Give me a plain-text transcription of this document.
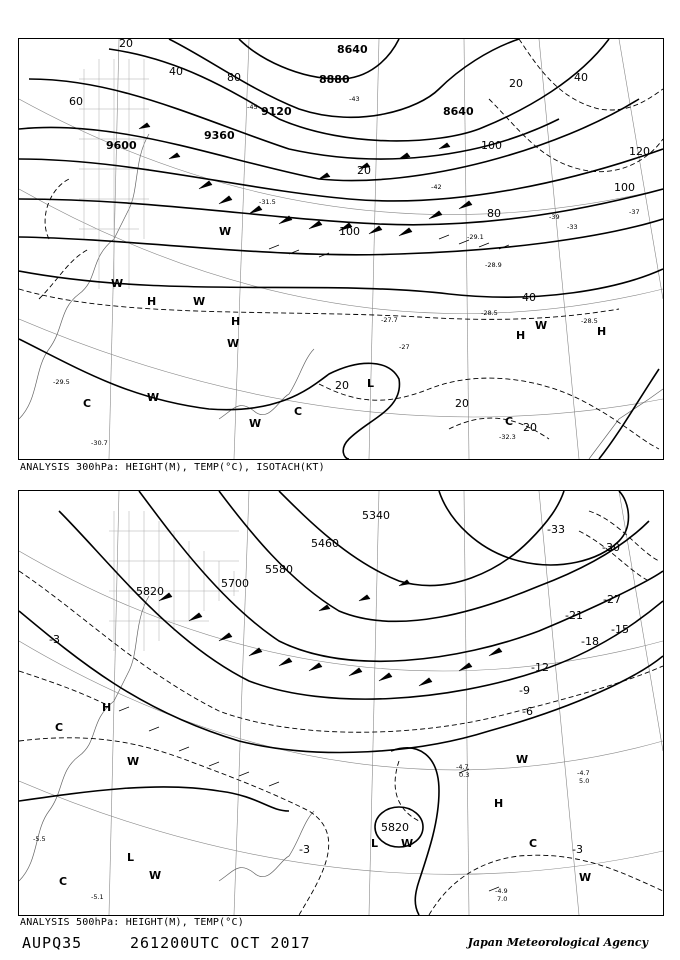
8640
8880
9120
9360
9600
8640
20
40
60
80
100
120
100
100
80
40
20
40
20
20
20
20
-45
-43
-42
-39
-37
-33
-31.5
-29.1
-28.9
-28.5
-27.7
-27
-29.5
-30.7
-32.3
-28.5
H
H
H	H
L
C
C
C
W
W
W
W
W
W
W
ANALYSIS 300hPa: HEIGHT(M), TEMP(°C), ISOTACH(KT)
5340
5460
5580
5700
5820
5820
-30
-33
-27
-15
-21
-18
-12
-9
-6
-3
-3	-3
-4.7
0.3	-4.7
5.0
-4.9
7.0
-5.5
-5.1
H
H
L
L
C
C
C
W
W
W
W
W
ANALYSIS 500hPa: HEIGHT(M), TEMP(°C)
AUPQ35	261200UTC OCT 2017	Japan Meteorological Agency
